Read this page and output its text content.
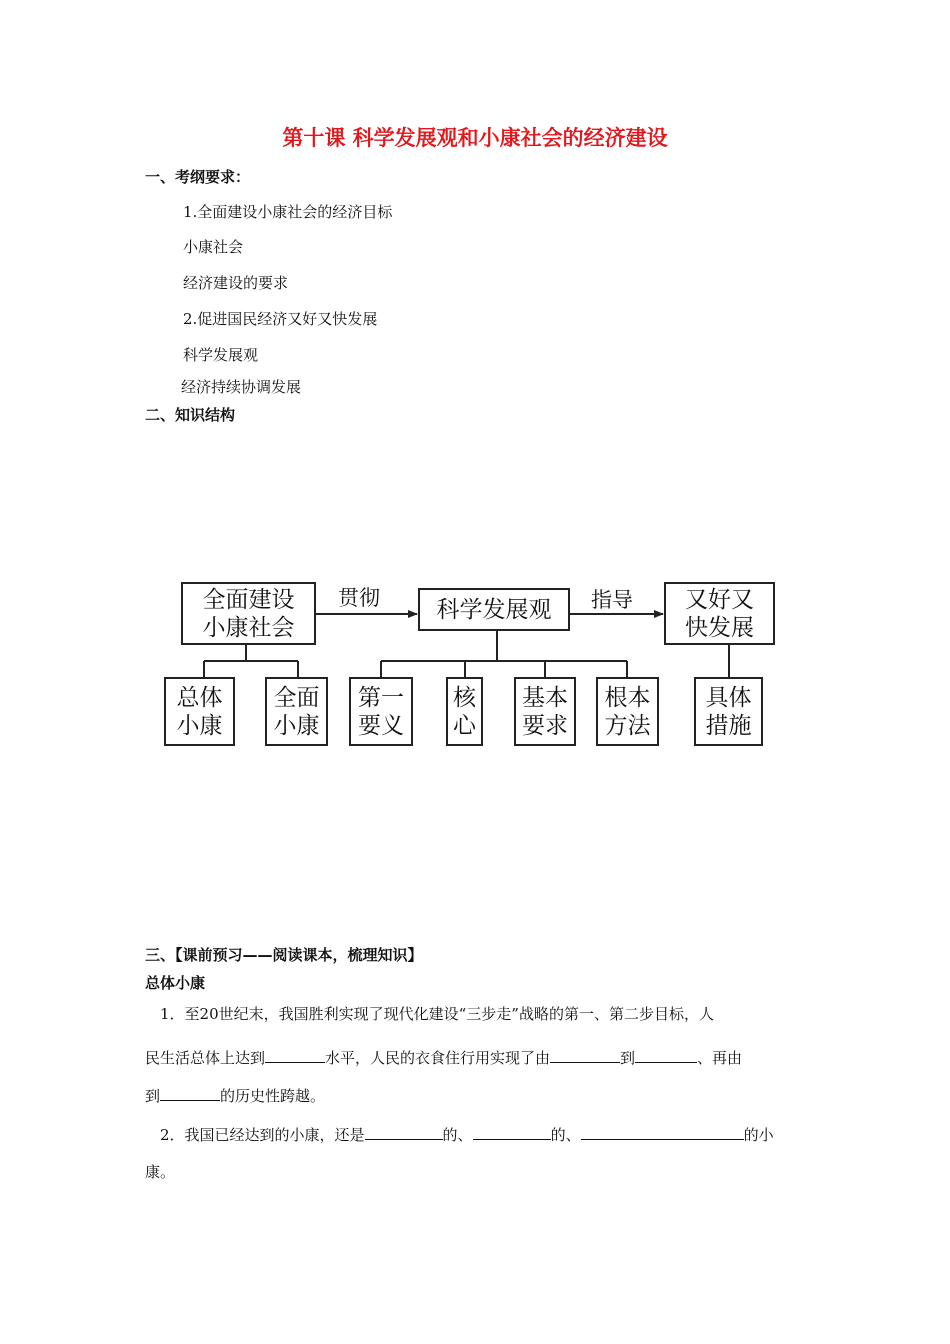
第十课 科学发展观和小康社会的经济建设
一、考纲要求：
1.全面建设小康社会的经济目标
小康社会
经济建设的要求
2.促进国民经济又好又快发展
科学发展观
经济持续协调发展
二、知识结构
全面建设
小康社会
科学发展观	又好又
快发展
贯彻	指导
总体
小康
全面
小康
第一
要义
核
心
基本
要求
根本
方法
具体
措施
三、【课前预习——阅读课本，梳理知识】
总体小康
1．至20世纪末，我国胜利实现了现代化建设“三步走”战略的第一、第二步目标，人
民生活总体上达到	水平，人民的衣食住行用实现了由	到	、再由
到	的历史性跨越。
2．我国已经达到的小康，还是	的、	的、	的小
康。
